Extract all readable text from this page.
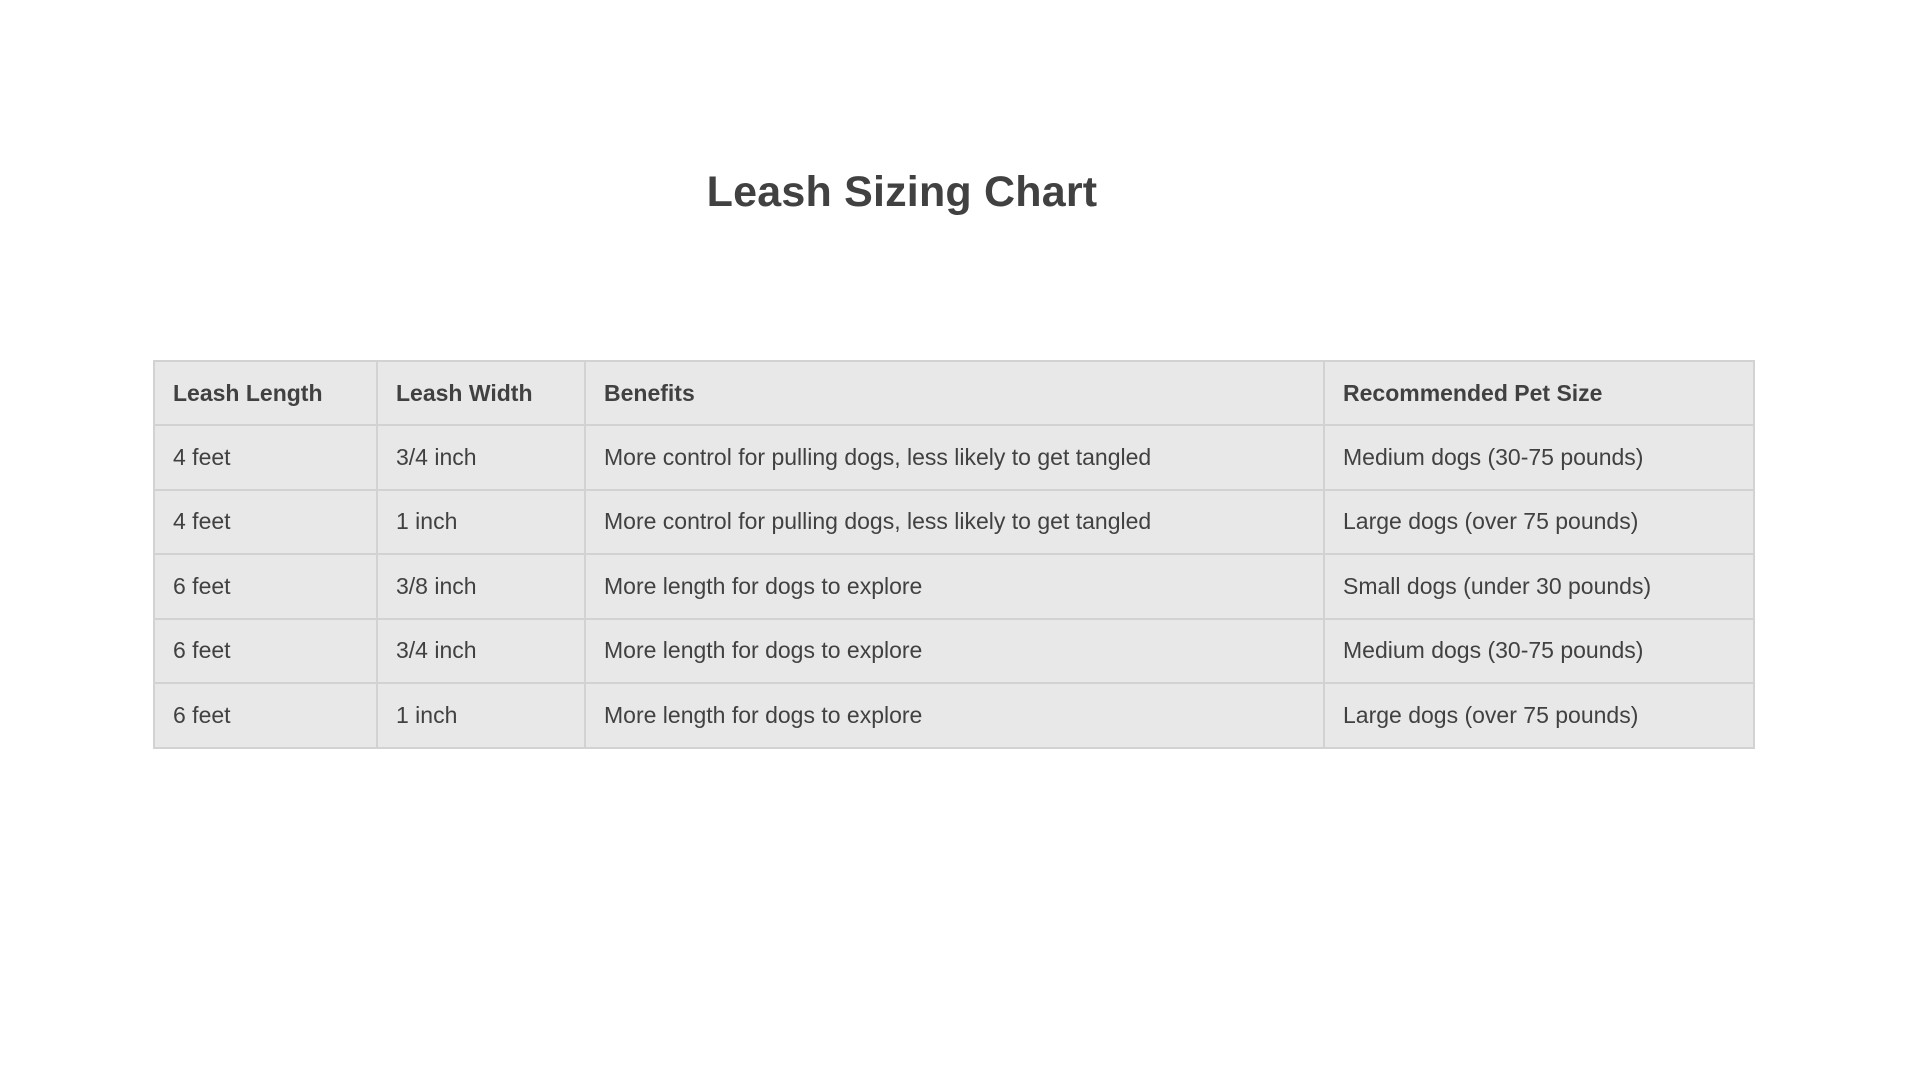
Leash Sizing Chart
Leash Length	Leash Width	Benefits	Recommended Pet Size
4 feet	3/4 inch	More control for pulling dogs, less likely to get tangled	Medium dogs (30-75 pounds)
4 feet	1 inch	More control for pulling dogs, less likely to get tangled	Large dogs (over 75 pounds)
6 feet	3/8 inch	More length for dogs to explore	Small dogs (under 30 pounds)
6 feet	3/4 inch	More length for dogs to explore	Medium dogs (30-75 pounds)
6 feet	1 inch	More length for dogs to explore	Large dogs (over 75 pounds)
